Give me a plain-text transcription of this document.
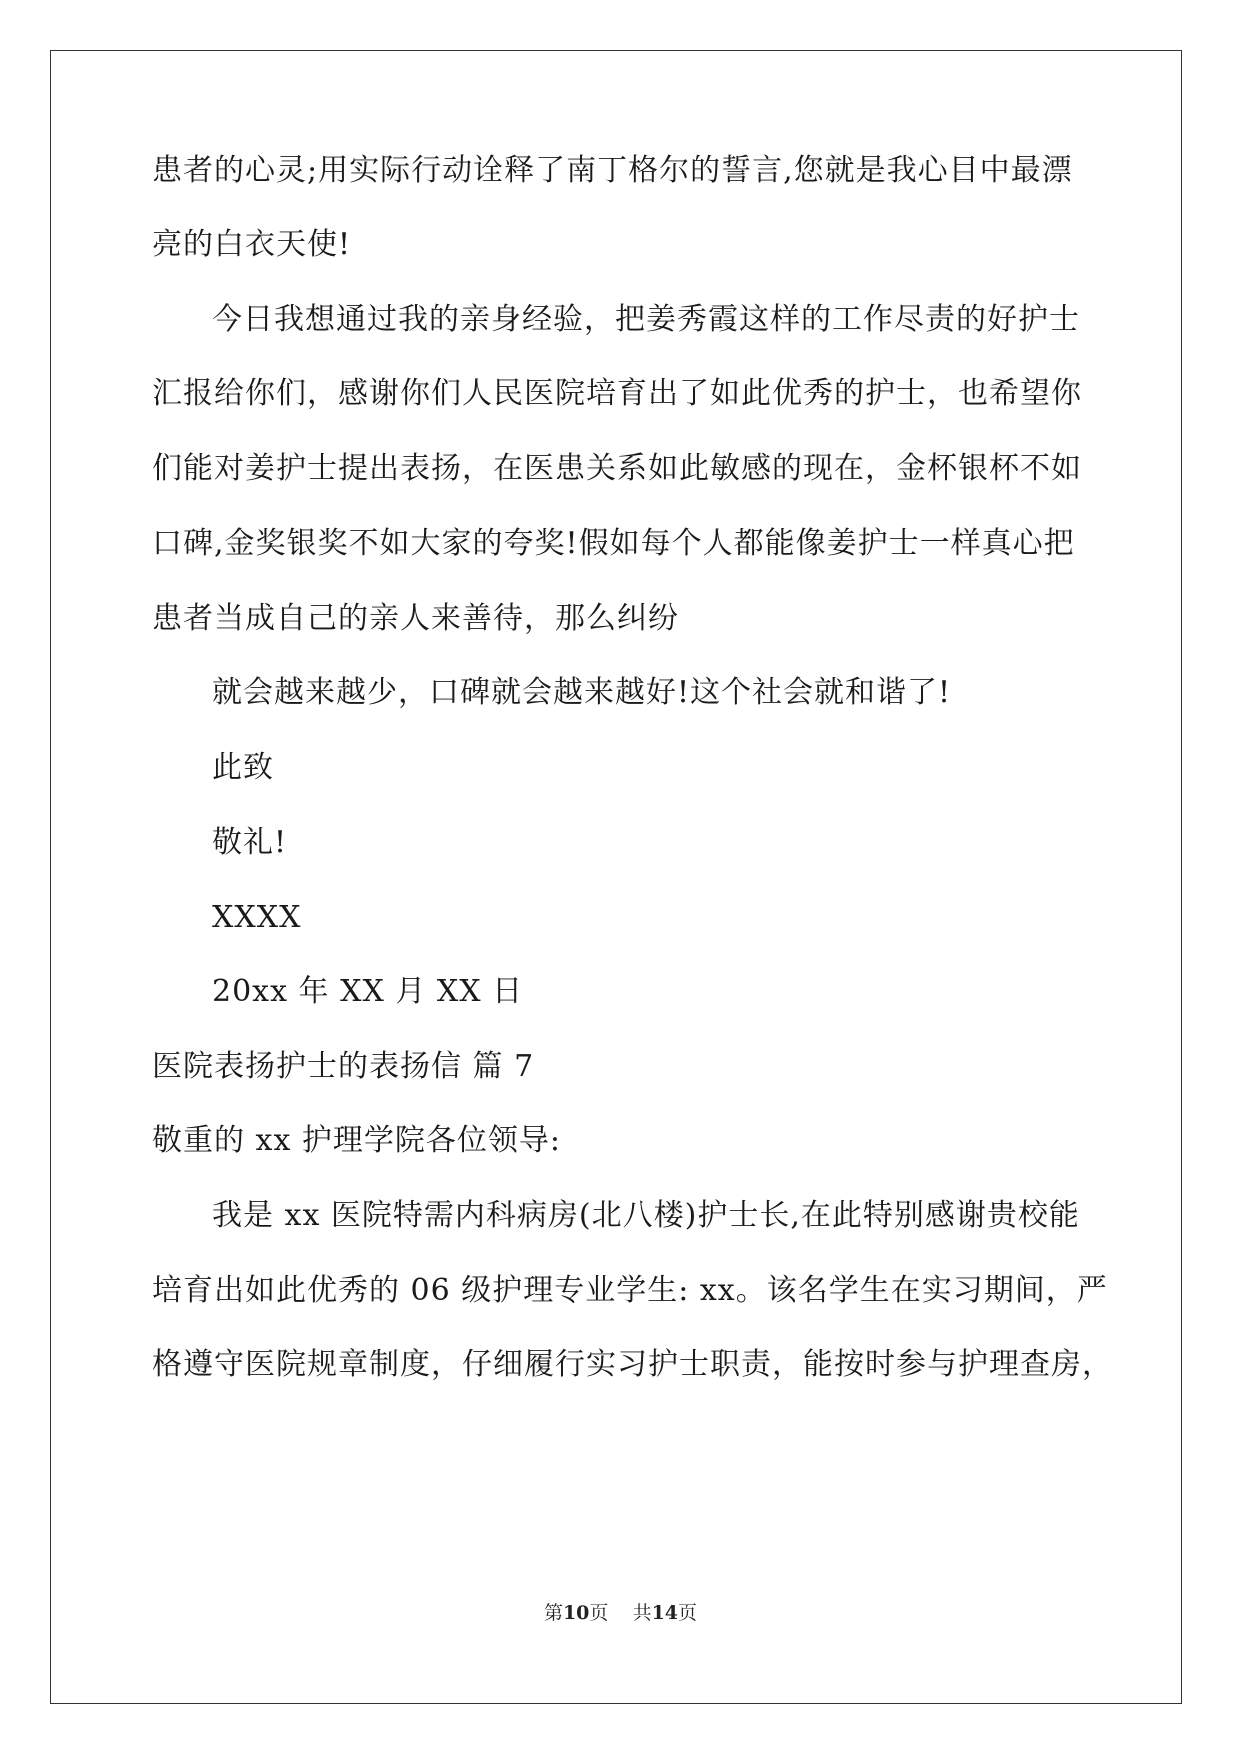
患者的心灵;用实际行动诠释了南丁格尔的誓言,您就是我心目中最漂
亮的白衣天使!
今日我想通过我的亲身经验，把姜秀霞这样的工作尽责的好护士
汇报给你们，感谢你们人民医院培育出了如此优秀的护士，也希望你
们能对姜护士提出表扬，在医患关系如此敏感的现在，金杯银杯不如
口碑,金奖银奖不如大家的夸奖!假如每个人都能像姜护士一样真心把
患者当成自己的亲人来善待，那么纠纷
就会越来越少，口碑就会越来越好!这个社会就和谐了!
此致
敬礼!
XXXX
20xx 年 XX 月 XX 日
医院表扬护士的表扬信 篇 7
敬重的 xx 护理学院各位领导:
我是 xx 医院特需内科病房(北八楼)护士长,在此特别感谢贵校能
培育出如此优秀的 06 级护理专业学生: xx。该名学生在实习期间，严
格遵守医院规章制度，仔细履行实习护士职责，能按时参与护理查房，
第10页    共14页
